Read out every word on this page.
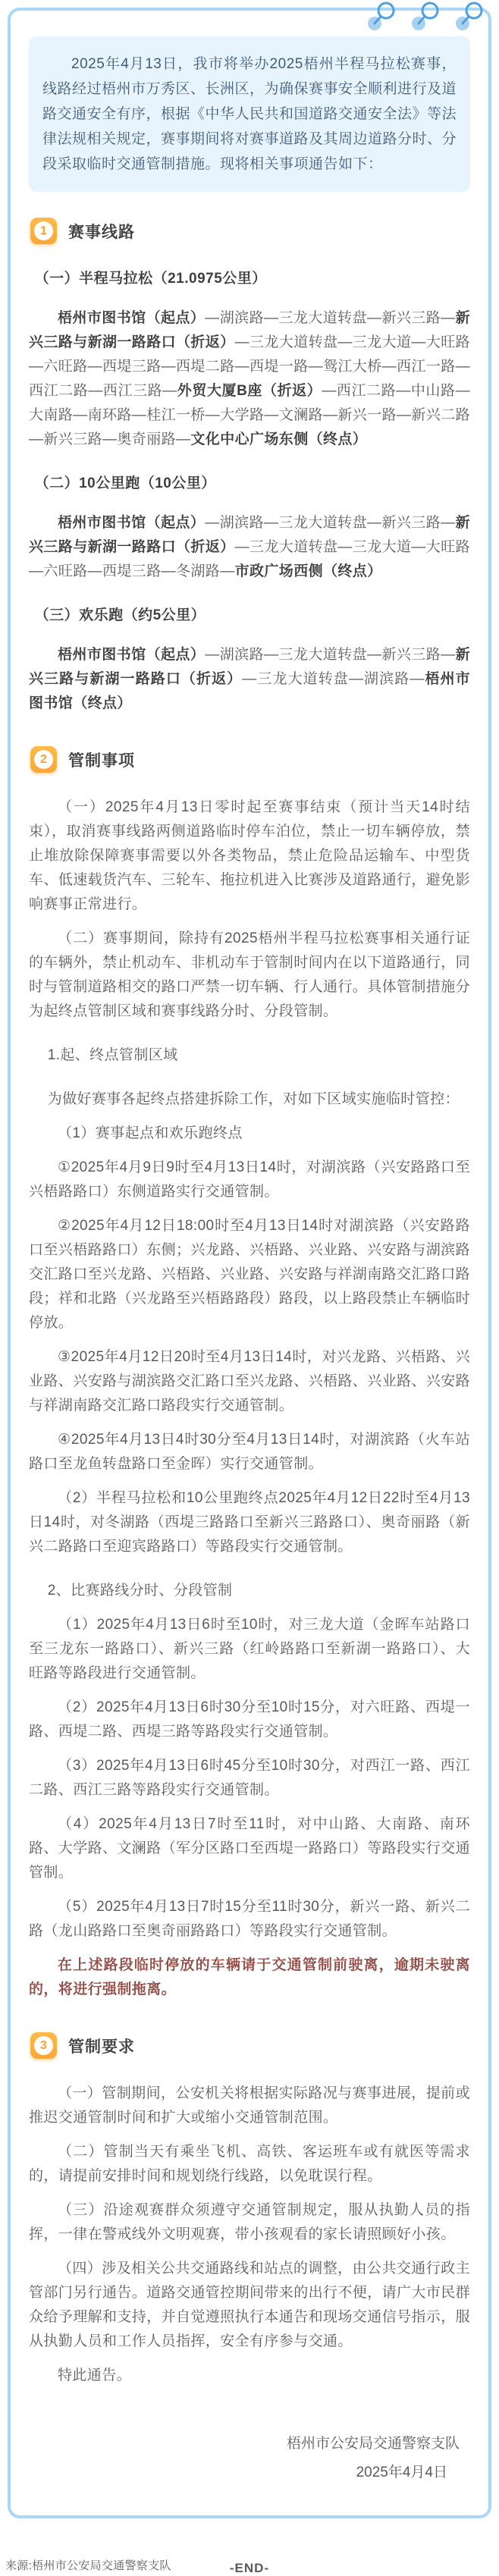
2025年4月13日，我市将举办2025梧州半程马拉松赛事，线路经过梧州市万秀区、长洲区，为确保赛事安全顺利进行及道路交通安全有序，根据《中华人民共和国道路交通安全法》等法律法规相关规定，赛事期间将对赛事道路及其周边道路分时、分段采取临时交通管制措施。现将相关事项通告如下：

1	赛事线路

（一）半程马拉松（21.0975公里）

梧州市图书馆（起点）—湖滨路—三龙大道转盘—新兴三路—新兴三路与新湖一路路口（折返）—三龙大道转盘—三龙大道—大旺路—六旺路—西堤三路—西堤二路—西堤一路—鸳江大桥—西江一路—西江二路—西江三路—外贸大厦B座（折返）—西江二路—中山路—大南路—南环路—桂江一桥—大学路—文澜路—新兴一路—新兴二路—新兴三路—奥奇丽路—文化中心广场东侧（终点）

（二）10公里跑（10公里）

梧州市图书馆（起点）—湖滨路—三龙大道转盘—新兴三路—新兴三路与新湖一路路口（折返）—三龙大道转盘—三龙大道—大旺路—六旺路—西堤三路—冬湖路—市政广场西侧（终点）

（三）欢乐跑（约5公里）

梧州市图书馆（起点）—湖滨路—三龙大道转盘—新兴三路—新兴三路与新湖一路路口（折返）—三龙大道转盘—湖滨路—梧州市图书馆（终点）

2	管制事项

（一）2025年4月13日零时起至赛事结束（预计当天14时结束），取消赛事线路两侧道路临时停车泊位，禁止一切车辆停放，禁止堆放除保障赛事需要以外各类物品，禁止危险品运输车、中型货车、低速载货汽车、三轮车、拖拉机进入比赛涉及道路通行，避免影响赛事正常进行。

（二）赛事期间，除持有2025梧州半程马拉松赛事相关通行证的车辆外，禁止机动车、非机动车于管制时间内在以下道路通行，同时与管制道路相交的路口严禁一切车辆、行人通行。具体管制措施分为起终点管制区域和赛事线路分时、分段管制。

1.起、终点管制区域

为做好赛事各起终点搭建拆除工作，对如下区域实施临时管控：

（1）赛事起点和欢乐跑终点

①2025年4月9日9时至4月13日14时，对湖滨路（兴安路路口至兴梧路路口）东侧道路实行交通管制。

②2025年4月12日18:00时至4月13日14时对湖滨路（兴安路路口至兴梧路路口）东侧；兴龙路、兴梧路、兴业路、兴安路与湖滨路交汇路口至兴龙路、兴梧路、兴业路、兴安路与祥湖南路交汇路口路段；祥和北路（兴龙路至兴梧路路段）路段，以上路段禁止车辆临时停放。

③2025年4月12日20时至4月13日14时，对兴龙路、兴梧路、兴业路、兴安路与湖滨路交汇路口至兴龙路、兴梧路、兴业路、兴安路与祥湖南路交汇路口路段实行交通管制。

④2025年4月13日4时30分至4月13日14时，对湖滨路（火车站路口至龙鱼转盘路口至金晖）实行交通管制。

（2）半程马拉松和10公里跑终点2025年4月12日22时至4月13日14时，对冬湖路（西堤三路路口至新兴三路路口）、奥奇丽路（新兴二路路口至迎宾路路口）等路段实行交通管制。

2、比赛路线分时、分段管制

（1）2025年4月13日6时至10时，对三龙大道（金晖车站路口至三龙东一路路口）、新兴三路（红岭路路口至新湖一路路口）、大旺路等路段进行交通管制。

（2）2025年4月13日6时30分至10时15分，对六旺路、西堤一路、西堤二路、西堤三路等路段实行交通管制。

（3）2025年4月13日6时45分至10时30分，对西江一路、西江二路、西江三路等路段实行交通管制。

（4）2025年4月13日7时至11时，对中山路、大南路、南环路、大学路、文澜路（军分区路口至西堤一路路口）等路段实行交通管制。

（5）2025年4月13日7时15分至11时30分，新兴一路、新兴二路（龙山路路口至奥奇丽路路口）等路段实行交通管制。

在上述路段临时停放的车辆请于交通管制前驶离，逾期未驶离的，将进行强制拖离。

3	管制要求

（一）管制期间，公安机关将根据实际路况与赛事进展，提前或推迟交通管制时间和扩大或缩小交通管制范围。

（二）管制当天有乘坐飞机、高铁、客运班车或有就医等需求的，请提前安排时间和规划绕行线路，以免耽误行程。

（三）沿途观赛群众须遵守交通管制规定，服从执勤人员的指挥，一律在警戒线外文明观赛，带小孩观看的家长请照顾好小孩。

（四）涉及相关公共交通路线和站点的调整，由公共交通行政主管部门另行通告。道路交通管控期间带来的出行不便，请广大市民群众给予理解和支持，并自觉遵照执行本通告和现场交通信号指示，服从执勤人员和工作人员指挥，安全有序参与交通。

特此通告。

梧州市公安局交通警察支队

2025年4月4日

-END-
来源:梧州市公安局交通警察支队
